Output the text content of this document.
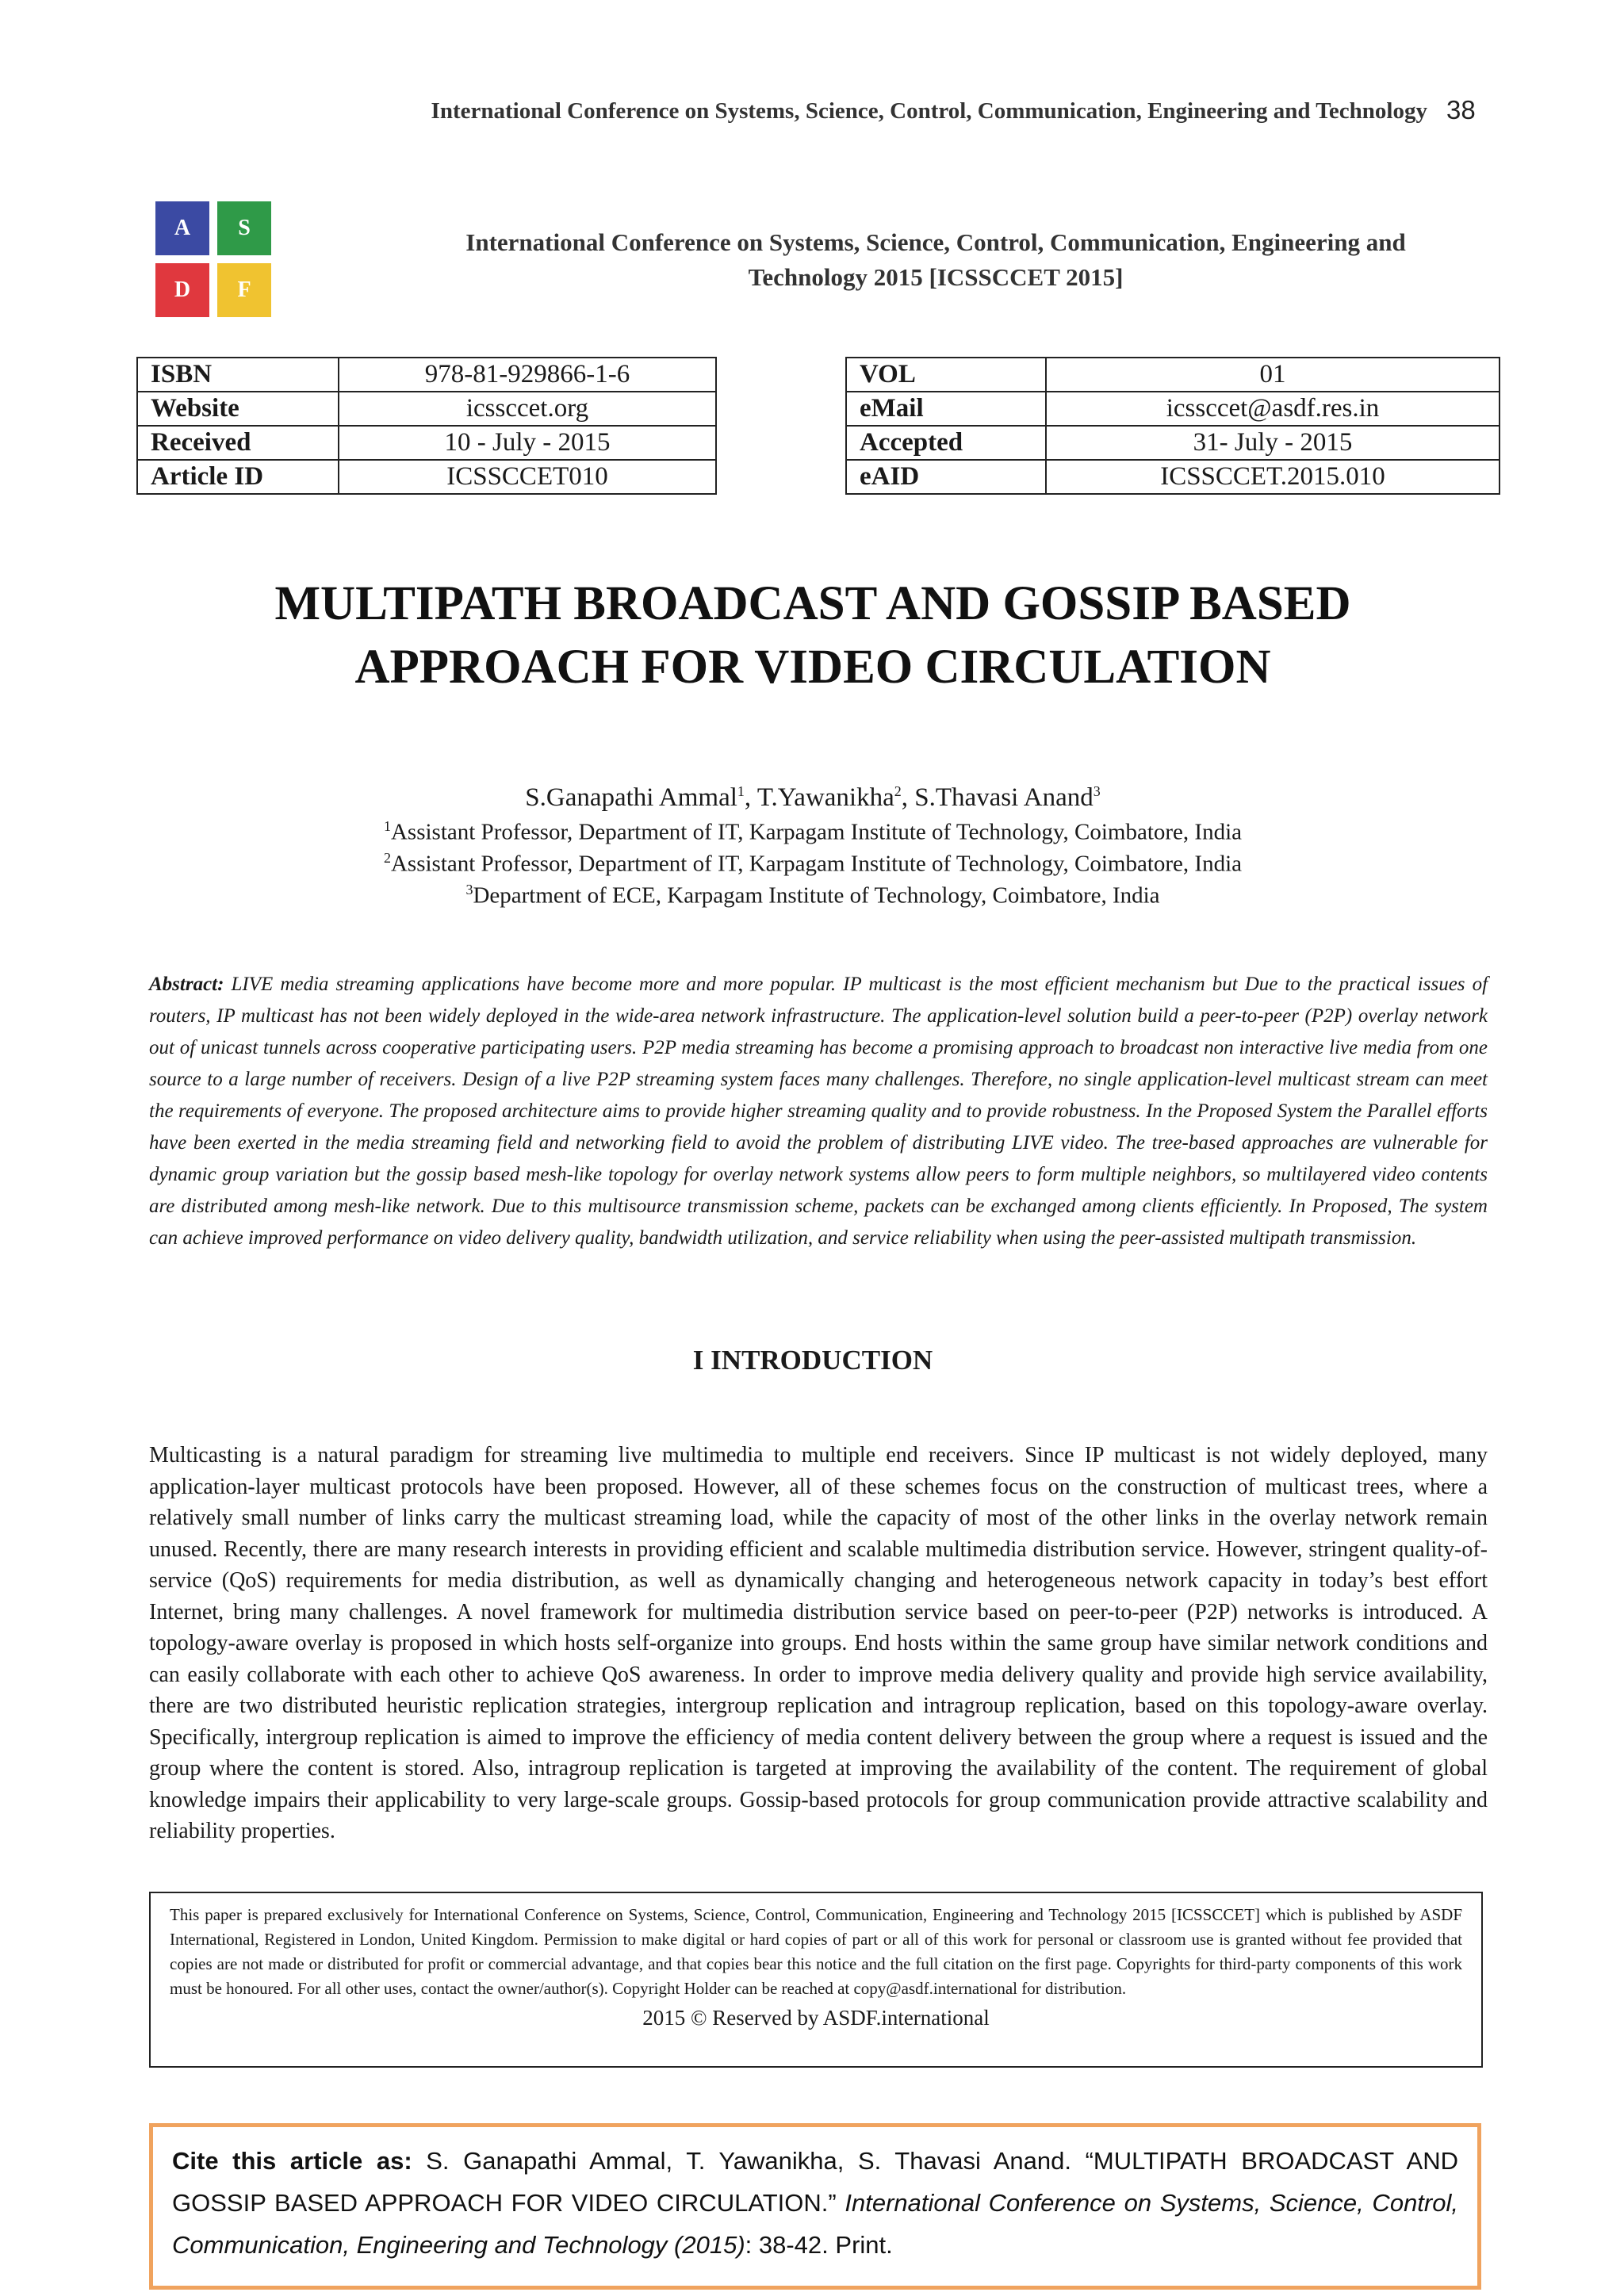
International Conference on Systems, Science, Control, Communication, Engineering and Technology 38
A	S
D	F
International Conference on Systems, Science, Control, Communication, Engineering and
Technology 2015 [ICSSCCET 2015]
ISBN	978-81-929866-1-6
Website	icssccet.org
Received	10 - July - 2015
Article ID	ICSSCCET010
VOL	01
eMail	icssccet@asdf.res.in
Accepted	31- July - 2015
eAID	ICSSCCET.2015.010
MULTIPATH BROADCAST AND GOSSIP BASED
APPROACH FOR VIDEO CIRCULATION
S.Ganapathi Ammal$^1$, T.Yawanikha$^2$, S.Thavasi Anand$^3$
$^1$Assistant Professor, Department of IT, Karpagam Institute of Technology, Coimbatore, India
$^2$Assistant Professor, Department of IT, Karpagam Institute of Technology, Coimbatore, India
$^3$Department of ECE, Karpagam Institute of Technology, Coimbatore, India
Abstract: LIVE media streaming applications have become more and more popular. IP multicast is the most efficient mechanism but Due to the practical issues of routers, IP multicast has not been widely deployed in the wide-area network infrastructure. The application-level solution build a peer-to-peer (P2P) overlay network out of unicast tunnels across cooperative participating users. P2P media streaming has become a promising approach to broadcast non interactive live media from one source to a large number of receivers. Design of a live P2P streaming system faces many challenges. Therefore, no single application-level multicast stream can meet the requirements of everyone. The proposed architecture aims to provide higher streaming quality and to provide robustness. In the Proposed System the Parallel efforts have been exerted in the media streaming field and networking field to avoid the problem of distributing LIVE video. The tree-based approaches are vulnerable for dynamic group variation but the gossip based mesh-like topology for overlay network systems allow peers to form multiple neighbors, so multilayered video contents are distributed among mesh-like network. Due to this multisource transmission scheme, packets can be exchanged among clients efficiently. In Proposed, The system can achieve improved performance on video delivery quality, bandwidth utilization, and service reliability when using the peer-assisted multipath transmission.
I INTRODUCTION
Multicasting is a natural paradigm for streaming live multimedia to multiple end receivers. Since IP multicast is not widely deployed, many application-layer multicast protocols have been proposed. However, all of these schemes focus on the construction of multicast trees, where a relatively small number of links carry the multicast streaming load, while the capacity of most of the other links in the overlay network remain unused. Recently, there are many research interests in providing efficient and scalable multimedia distribution service. However, stringent quality-of-service (QoS) requirements for media distribution, as well as dynamically changing and heterogeneous network capacity in today’s best effort Internet, bring many challenges. A novel framework for multimedia distribution service based on peer-to-peer (P2P) networks is introduced. A topology-aware overlay is proposed in which hosts self-organize into groups. End hosts within the same group have similar network conditions and can easily collaborate with each other to achieve QoS awareness. In order to improve media delivery quality and provide high service availability, there are two distributed heuristic replication strategies, intergroup replication and intragroup replication, based on this topology-aware overlay. Specifically, intergroup replication is aimed to improve the efficiency of media content delivery between the group where a request is issued and the group where the content is stored. Also, intragroup replication is targeted at improving the availability of the content. The requirement of global knowledge impairs their applicability to very large-scale groups. Gossip-based protocols for group communication provide attractive scalability and reliability properties.
This paper is prepared exclusively for International Conference on Systems, Science, Control, Communication, Engineering and Technology 2015 [ICSSCCET] which is published by ASDF International, Registered in London, United Kingdom. Permission to make digital or hard copies of part or all of this work for personal or classroom use is granted without fee provided that copies are not made or distributed for profit or commercial advantage, and that copies bear this notice and the full citation on the first page. Copyrights for third-party components of this work must be honoured. For all other uses, contact the owner/author(s). Copyright Holder can be reached at copy@asdf.international for distribution.
2015 © Reserved by ASDF.international
Cite this article as: S. Ganapathi Ammal, T. Yawanikha, S. Thavasi Anand. “MULTIPATH BROADCAST AND GOSSIP BASED APPROACH FOR VIDEO CIRCULATION.” International Conference on Systems, Science, Control, Communication, Engineering and Technology (2015): 38-42. Print.
